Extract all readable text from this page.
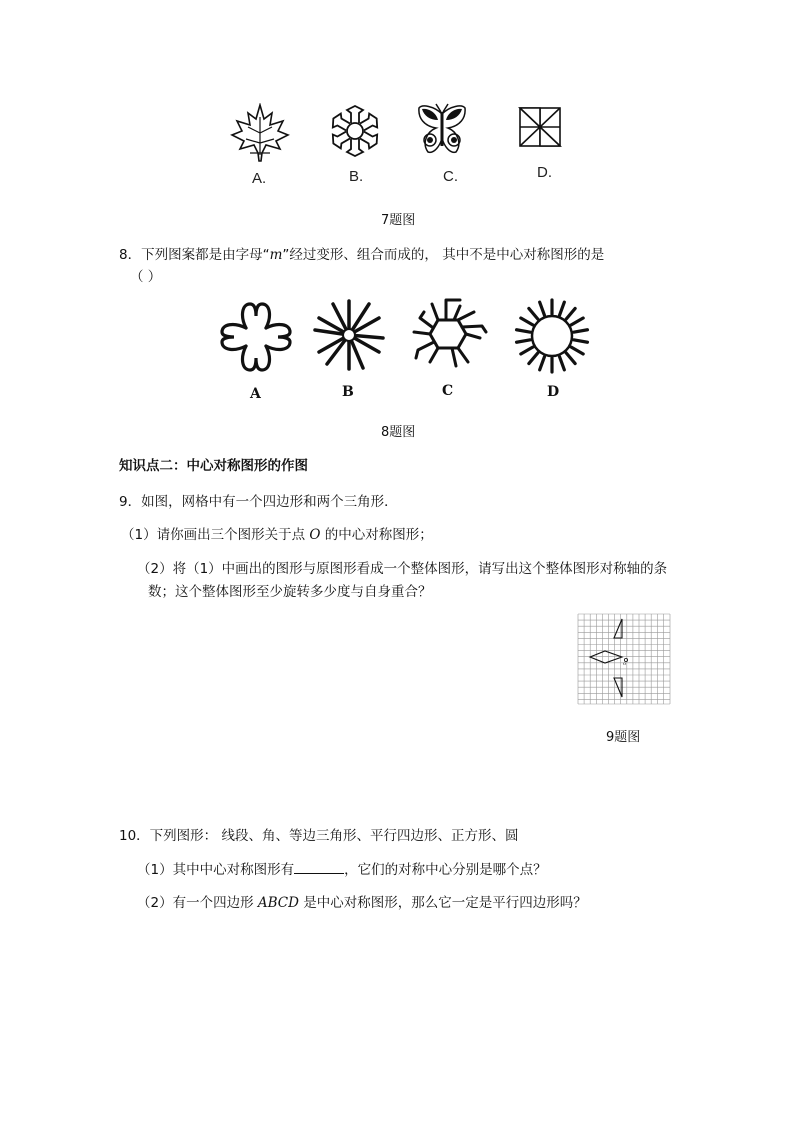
A.	B.	C.	D.
7题图
8．下列图案都是由字母“m”经过变形、组合而成的， 其中不是中心对称图形的是
（ ）
A	B	C	D
8题图
知识点二：中心对称图形的作图
9．如图，网格中有一个四边形和两个三角形．
（1）请你画出三个图形关于点 O 的中心对称图形；
（2）将（1）中画出的图形与原图形看成一个整体图形，请写出这个整体图形对称轴的条
数；这个整体图形至少旋转多少度与自身重合？
o
9题图
10．下列图形： 线段、角、等边三角形、平行四边形、正方形、圆
（1）其中中心对称图形有	，它们的对称中心分别是哪个点？
（2）有一个四边形 ABCD 是中心对称图形，那么它一定是平行四边形吗？
